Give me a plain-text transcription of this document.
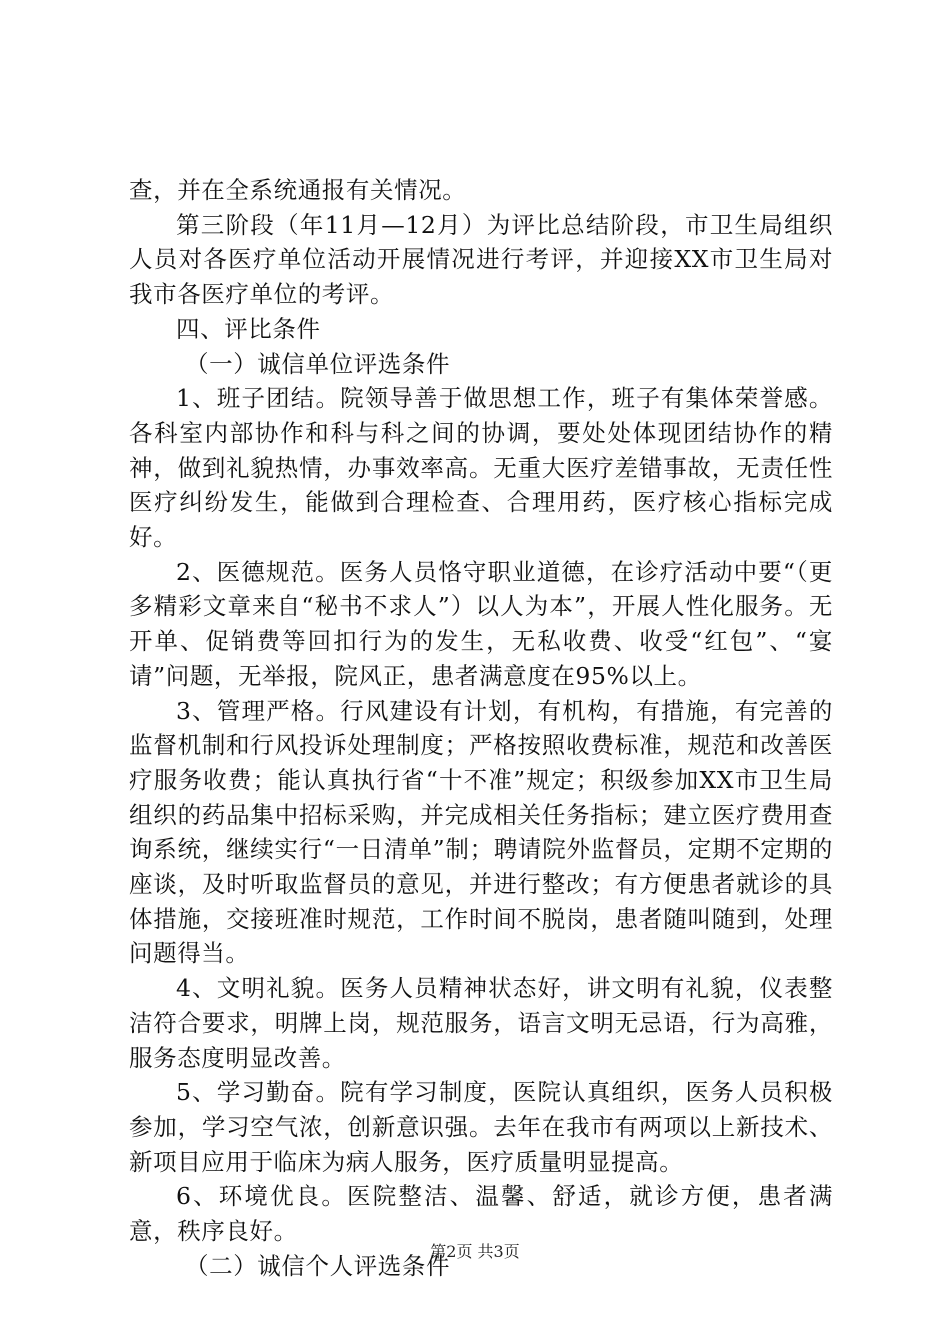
查，并在全系统通报有关情况。

第三阶段（年11月—12月）为评比总结阶段，市卫生局组织人员对各医疗单位活动开展情况进行考评，并迎接XX市卫生局对我市各医疗单位的考评。

四、评比条件

（一）诚信单位评选条件

1、班子团结。院领导善于做思想工作，班子有集体荣誉感。各科室内部协作和科与科之间的协调，要处处体现团结协作的精神，做到礼貌热情，办事效率高。无重大医疗差错事故，无责任性医疗纠纷发生，能做到合理检查、合理用药，医疗核心指标完成好。

2、医德规范。医务人员恪守职业道德，在诊疗活动中要“（更多精彩文章来自“秘书不求人”）以人为本”，开展人性化服务。无开单、促销费等回扣行为的发生，无私收费、收受“红包”、“宴请”问题，无举报，院风正，患者满意度在95%以上。

3、管理严格。行风建设有计划，有机构，有措施，有完善的监督机制和行风投诉处理制度；严格按照收费标准，规范和改善医疗服务收费；能认真执行省“十不准”规定；积级参加XX市卫生局组织的药品集中招标采购，并完成相关任务指标；建立医疗费用查询系统，继续实行“一日清单”制；聘请院外监督员，定期不定期的座谈，及时听取监督员的意见，并进行整改；有方便患者就诊的具体措施，交接班准时规范，工作时间不脱岗，患者随叫随到，处理问题得当。

4、文明礼貌。医务人员精神状态好，讲文明有礼貌，仪表整洁符合要求，明牌上岗，规范服务，语言文明无忌语，行为高雅，服务态度明显改善。

5、学习勤奋。院有学习制度，医院认真组织，医务人员积极参加，学习空气浓，创新意识强。去年在我市有两项以上新技术、新项目应用于临床为病人服务，医疗质量明显提高。

6、环境优良。医院整洁、温馨、舒适，就诊方便，患者满意，秩序良好。

（二）诚信个人评选条件

第2页 共3页
